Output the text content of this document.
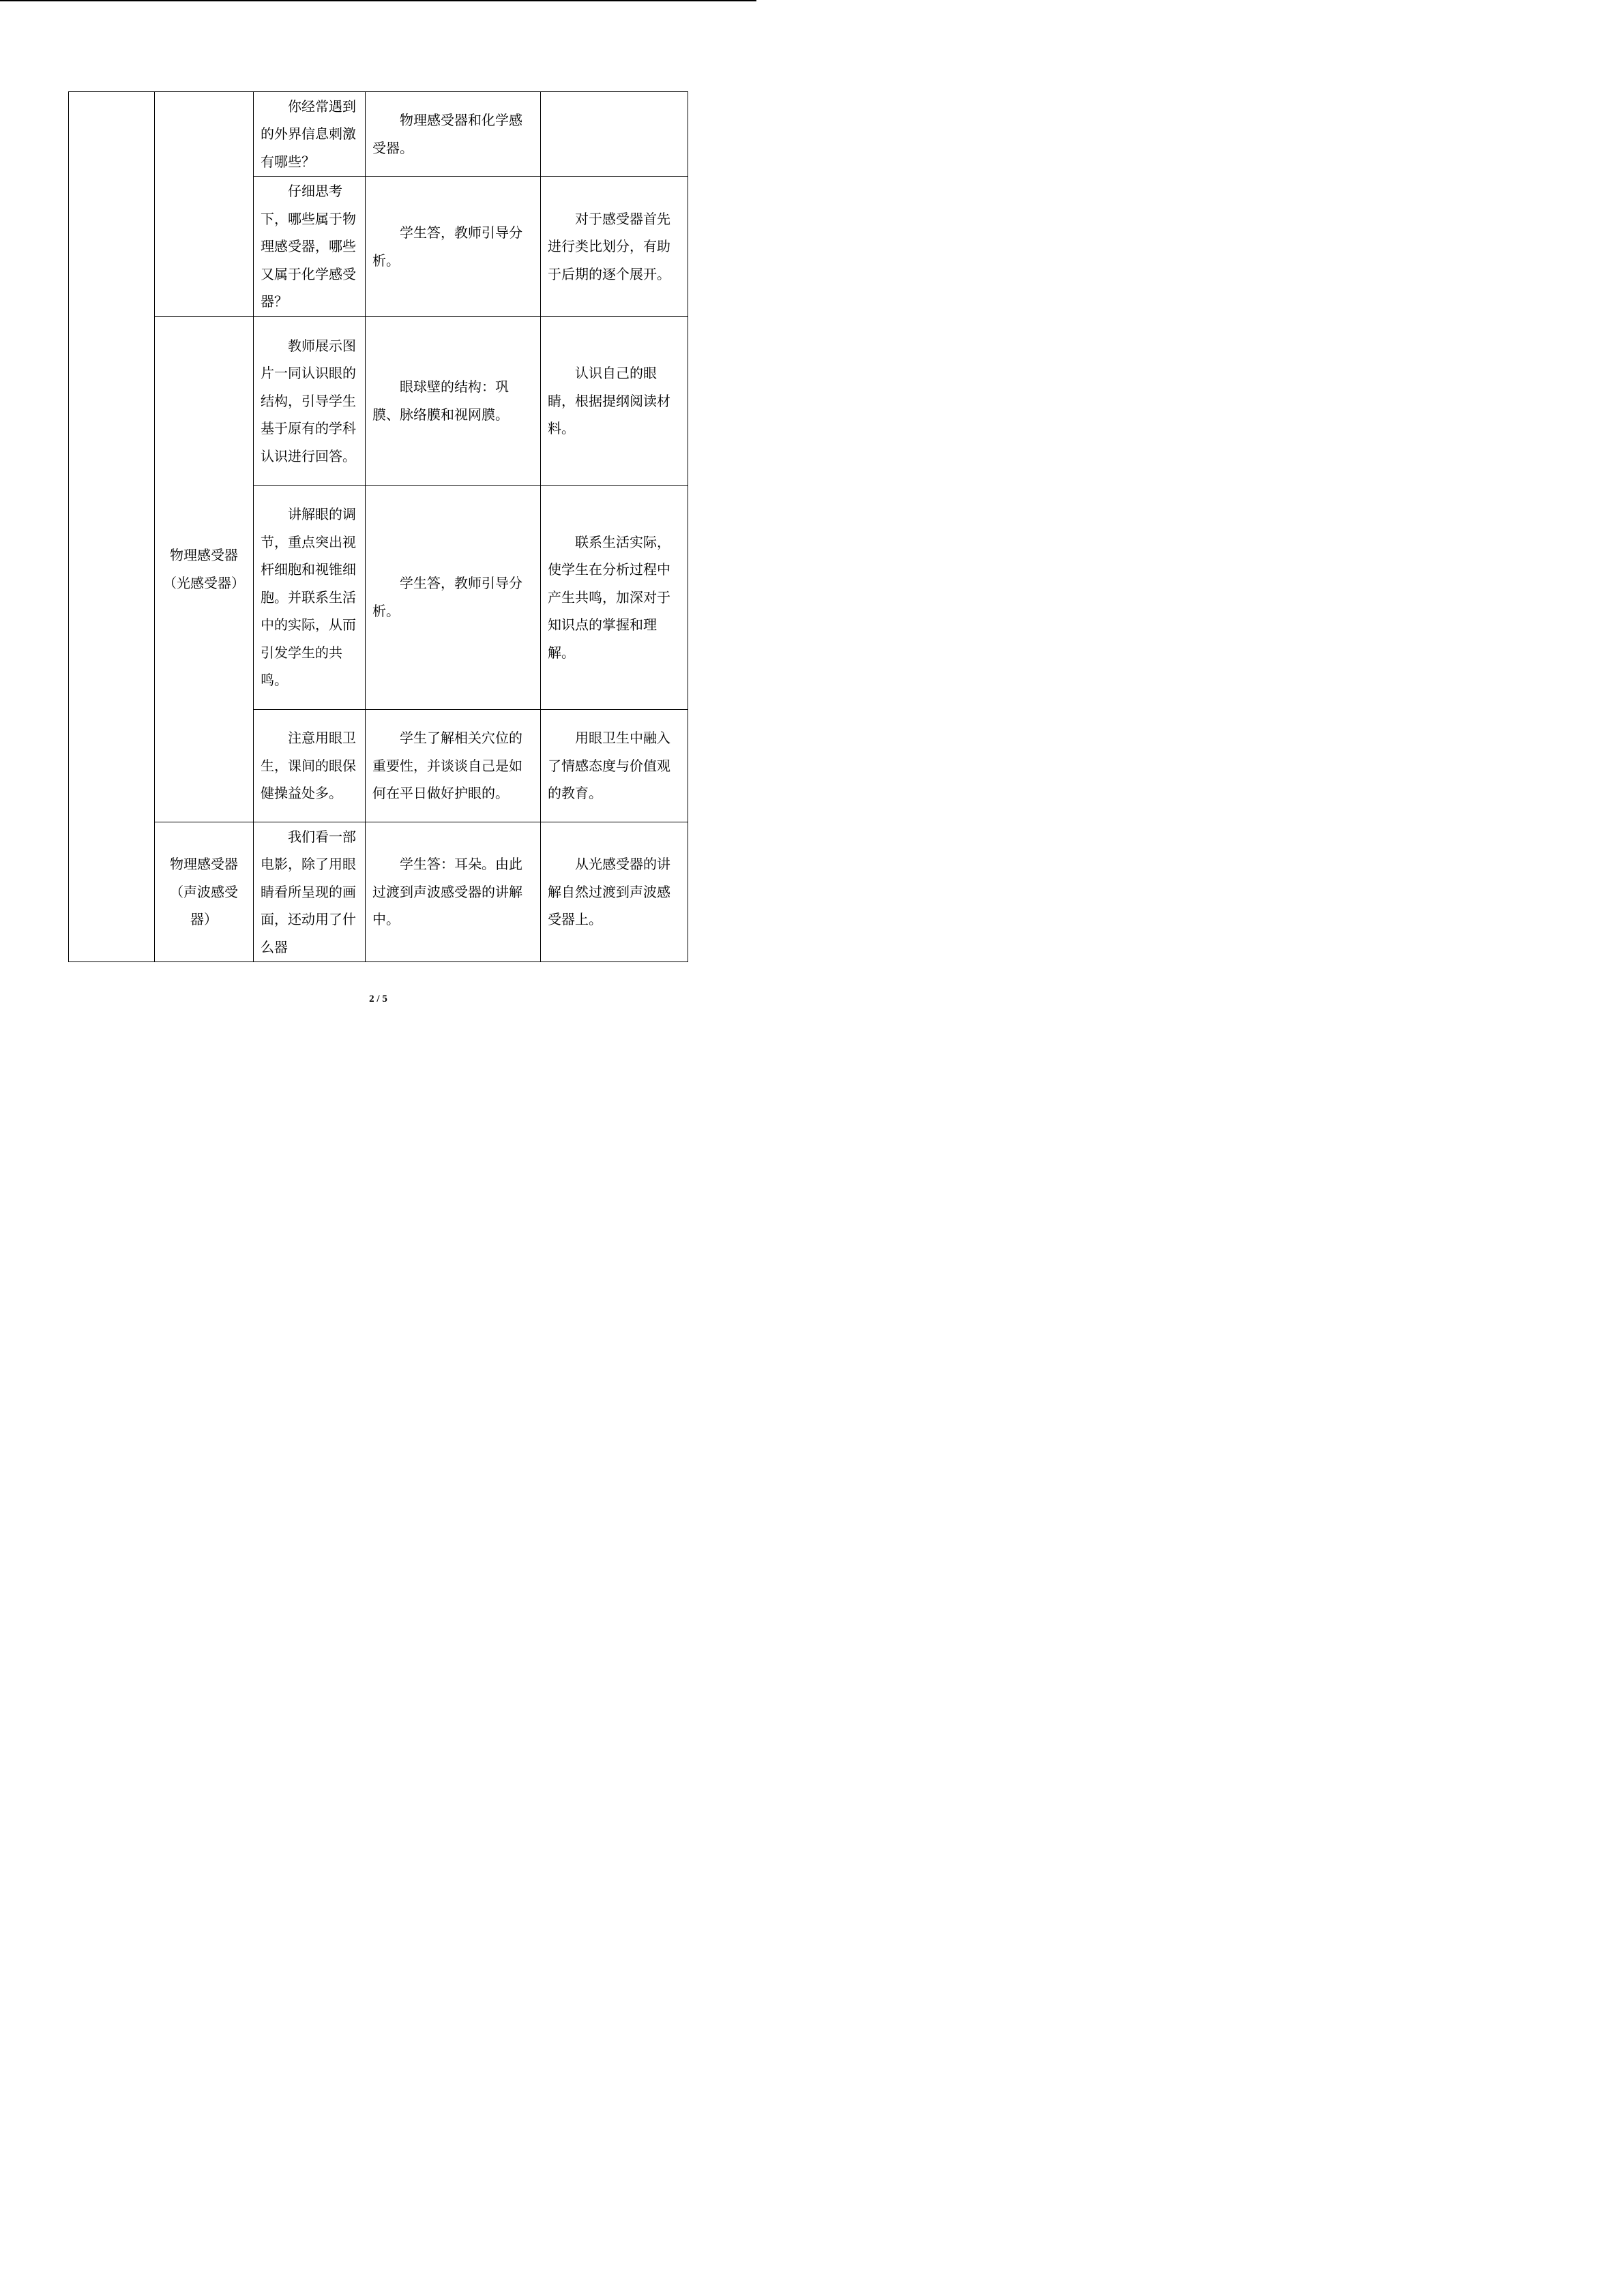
		你经常遇到的外界信息刺激有哪些？	物理感受器和化学感受器。	
		仔细思考下，哪些属于物理感受器，哪些又属于化学感受器？	学生答，教师引导分析。	对于感受器首先进行类比划分，有助于后期的逐个展开。
	物理感受器（光感受器）	教师展示图片一同认识眼的结构，引导学生基于原有的学科认识进行回答。	眼球壁的结构：巩膜、脉络膜和视网膜。	认识自己的眼睛，根据提纲阅读材料。
		讲解眼的调节，重点突出视杆细胞和视锥细胞。并联系生活中的实际，从而引发学生的共鸣。	学生答，教师引导分析。	联系生活实际，使学生在分析过程中产生共鸣，加深对于知识点的掌握和理解。
		注意用眼卫生，课间的眼保健操益处多。	学生了解相关穴位的重要性，并谈谈自己是如何在平日做好护眼的。	用眼卫生中融入了情感态度与价值观的教育。
	物理感受器（声波感受器）	我们看一部电影，除了用眼睛看所呈现的画面，还动用了什么器	学生答：耳朵。由此过渡到声波感受器的讲解中。	从光感受器的讲解自然过渡到声波感受器上。
2 / 5
